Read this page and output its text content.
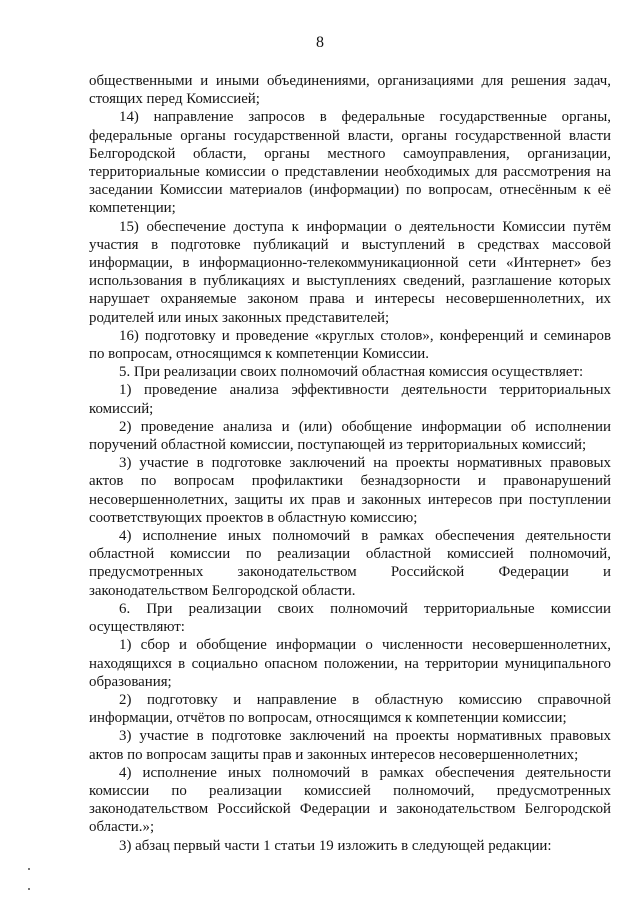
8

общественными и иными объединениями, организациями для решения задач, стоящих перед Комиссией;

14) направление запросов в федеральные государственные органы, федеральные органы государственной власти, органы государственной власти Белгородской области, органы местного самоуправления, организации, территориальные комиссии о представлении необходимых для рассмотрения на заседании Комиссии материалов (информации) по вопросам, отнесённым к её компетенции;

15) обеспечение доступа к информации о деятельности Комиссии путём участия в подготовке публикаций и выступлений в средствах массовой информации, в информационно-телекоммуникационной сети «Интернет» без использования в публикациях и выступлениях сведений, разглашение которых нарушает охраняемые законом права и интересы несовершеннолетних, их родителей или иных законных представителей;

16) подготовку и проведение «круглых столов», конференций и семинаров по вопросам, относящимся к компетенции Комиссии.

5. При реализации своих полномочий областная комиссия осуществляет:

1) проведение анализа эффективности деятельности территориальных комиссий;

2) проведение анализа и (или) обобщение информации об исполнении поручений областной комиссии, поступающей из территориальных комиссий;

3) участие в подготовке заключений на проекты нормативных правовых актов по вопросам профилактики безнадзорности и правонарушений несовершеннолетних, защиты их прав и законных интересов при поступлении соответствующих проектов в областную комиссию;

4) исполнение иных полномочий в рамках обеспечения деятельности областной комиссии по реализации областной комиссией полномочий, предусмотренных законодательством Российской Федерации и законодательством Белгородской области.

6. При реализации своих полномочий территориальные комиссии осуществляют:

1) сбор и обобщение информации о численности несовершеннолетних, находящихся в социально опасном положении, на территории муниципального образования;

2) подготовку и направление в областную комиссию справочной информации, отчётов по вопросам, относящимся к компетенции комиссии;

3) участие в подготовке заключений на проекты нормативных правовых актов по вопросам защиты прав и законных интересов несовершеннолетних;

4) исполнение иных полномочий в рамках обеспечения деятельности комиссии по реализации комиссией полномочий, предусмотренных законодательством Российской Федерации и законодательством Белгородской области.»;

3) абзац первый части 1 статьи 19 изложить в следующей редакции:
